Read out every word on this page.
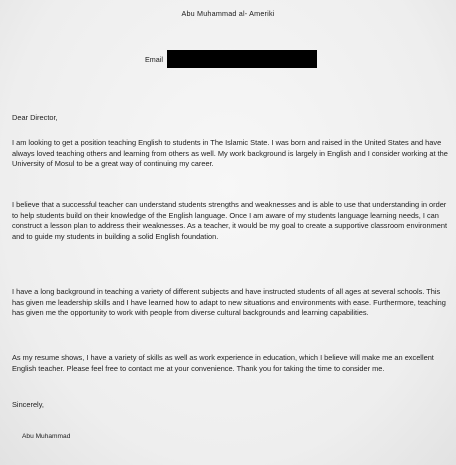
Abu Muhammad al- Ameriki
Email
Dear Director,

I am looking to get a position teaching English to students in The Islamic State. I was born and raised in the United States and have always loved teaching others and learning from others as well. My work background is largely in English and I consider working at the University of Mosul to be a great way of continuing my career.

I believe that a successful teacher can understand students strengths and weaknesses and is able to use that understanding in order to help students build on their knowledge of the English language. Once I am aware of my students language learning needs, I can construct a lesson plan to address their weaknesses. As a teacher, it would be my goal to create a supportive classroom environment and to guide my students in building a solid English foundation.

I have a long background in teaching a variety of different subjects and have instructed students of all ages at several schools. This has given me leadership skills and I have learned how to adapt to new situations and environments with ease. Furthermore, teaching has given me the opportunity to work with people from diverse cultural backgrounds and learning capabilities.

As my resume shows, I have a variety of skills as well as work experience in education, which I believe will make me an excellent English teacher. Please feel free to contact me at your convenience. Thank you for taking the time to consider me.

Sincerely,
Abu Muhammad
